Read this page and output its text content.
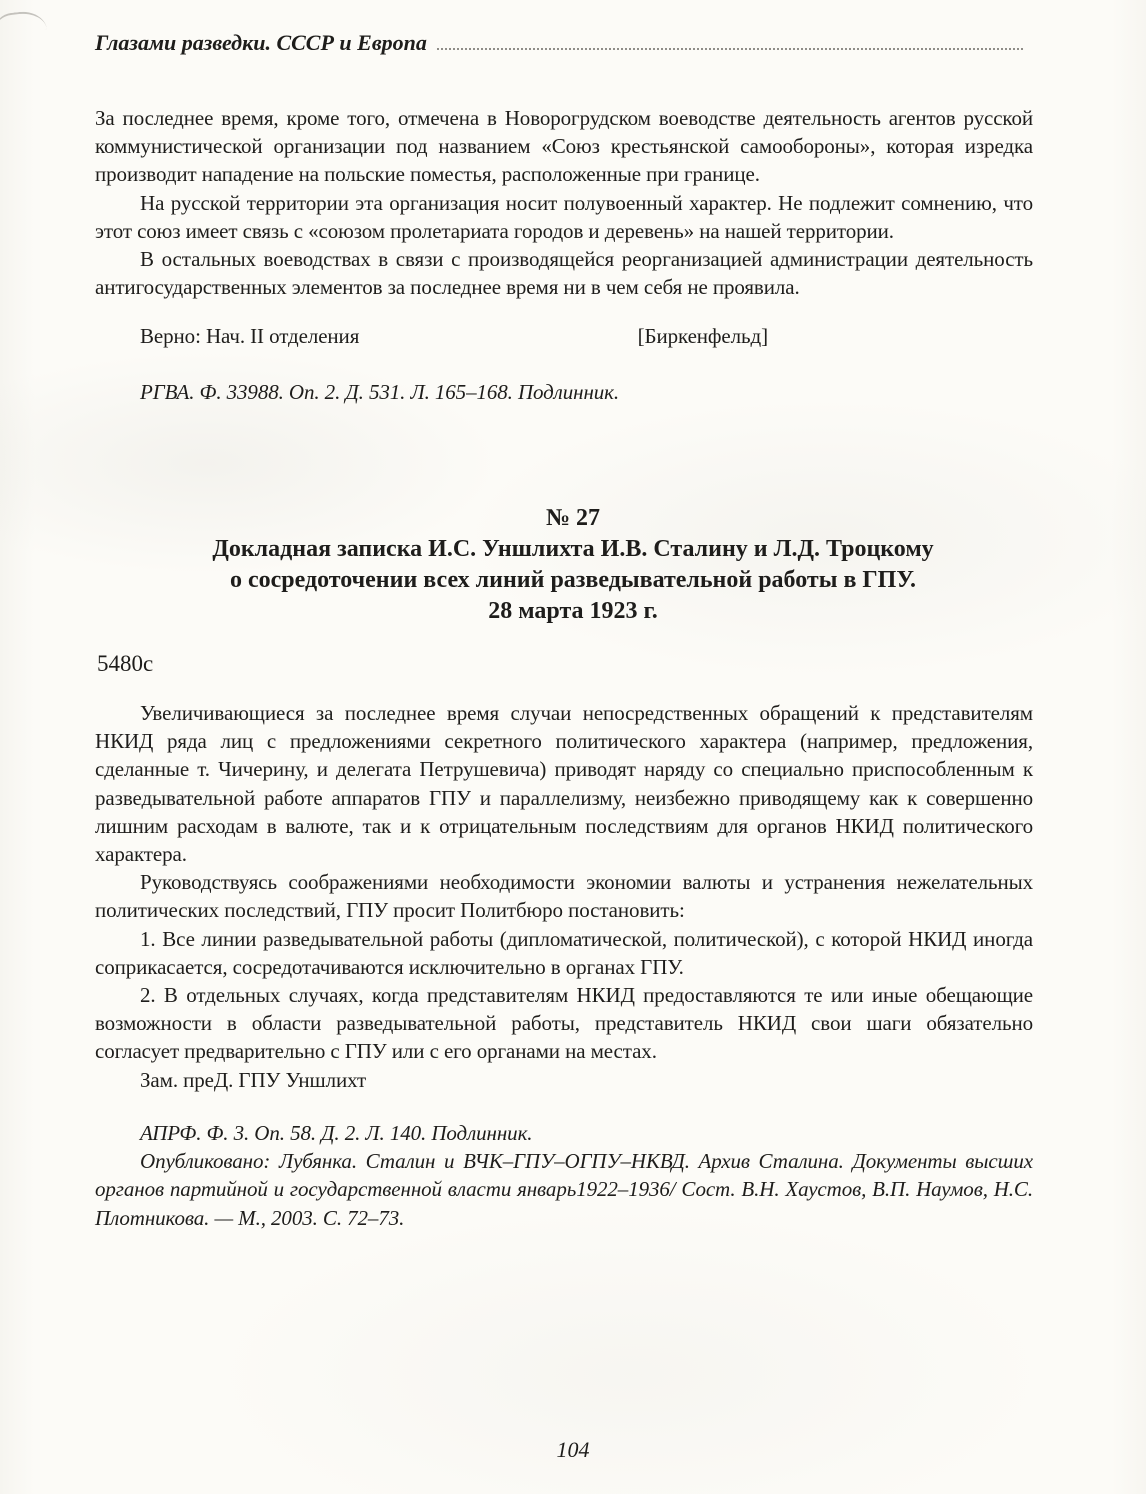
Глазами разведки. СССР и Европа

За последнее время, кроме того, отмечена в Новорогрудском воеводстве деятельность агентов русской коммунистической организации под названием «Союз крестьянской самообороны», которая изредка производит нападение на польские поместья, расположенные при границе.

На русской территории эта организация носит полувоенный характер. Не подлежит сомнению, что этот союз имеет связь с «союзом пролетариата городов и деревень» на нашей территории.

В остальных воеводствах в связи с производящейся реорганизацией администрации деятельность антигосударственных элементов за последнее время ни в чем себя не проявила.

Верно: Нач. II отделения	[Биркенфельд]

РГВА. Ф. 33988. Оп. 2. Д. 531. Л. 165–168. Подлинник.

№ 27
Докладная записка И.С. Уншлихта И.В. Сталину и Л.Д. Троцкому
о сосредоточении всех линий разведывательной работы в ГПУ.
28 марта 1923 г.
5480с

Увеличивающиеся за последнее время случаи непосредственных обращений к представителям НКИД ряда лиц с предложениями секретного политического характера (например, предложения, сделанные т. Чичерину, и делегата Петрушевича) приводят наряду со специально приспособленным к разведывательной работе аппаратов ГПУ и параллелизму, неизбежно приводящему как к совершенно лишним расходам в валюте, так и к отрицательным последствиям для органов НКИД политического характера.

Руководствуясь соображениями необходимости экономии валюты и устранения нежелательных политических последствий, ГПУ просит Политбюро постановить:

1. Все линии разведывательной работы (дипломатической, политической), с которой НКИД иногда соприкасается, сосредотачиваются исключительно в органах ГПУ.

2. В отдельных случаях, когда представителям НКИД предоставляются те или иные обещающие возможности в области разведывательной работы, представитель НКИД свои шаги обязательно согласует предварительно с ГПУ или с его органами на местах.

Зам. преД. ГПУ Уншлихт

АПРФ. Ф. 3. Оп. 58. Д. 2. Л. 140. Подлинник.

Опубликовано: Лубянка. Сталин и ВЧК–ГПУ–ОГПУ–НКВД. Архив Сталина. Документы высших органов партийной и государственной власти январь1922–1936/ Сост. В.Н. Хаустов, В.П. Наумов, Н.С. Плотникова. — М., 2003. С. 72–73.

104
